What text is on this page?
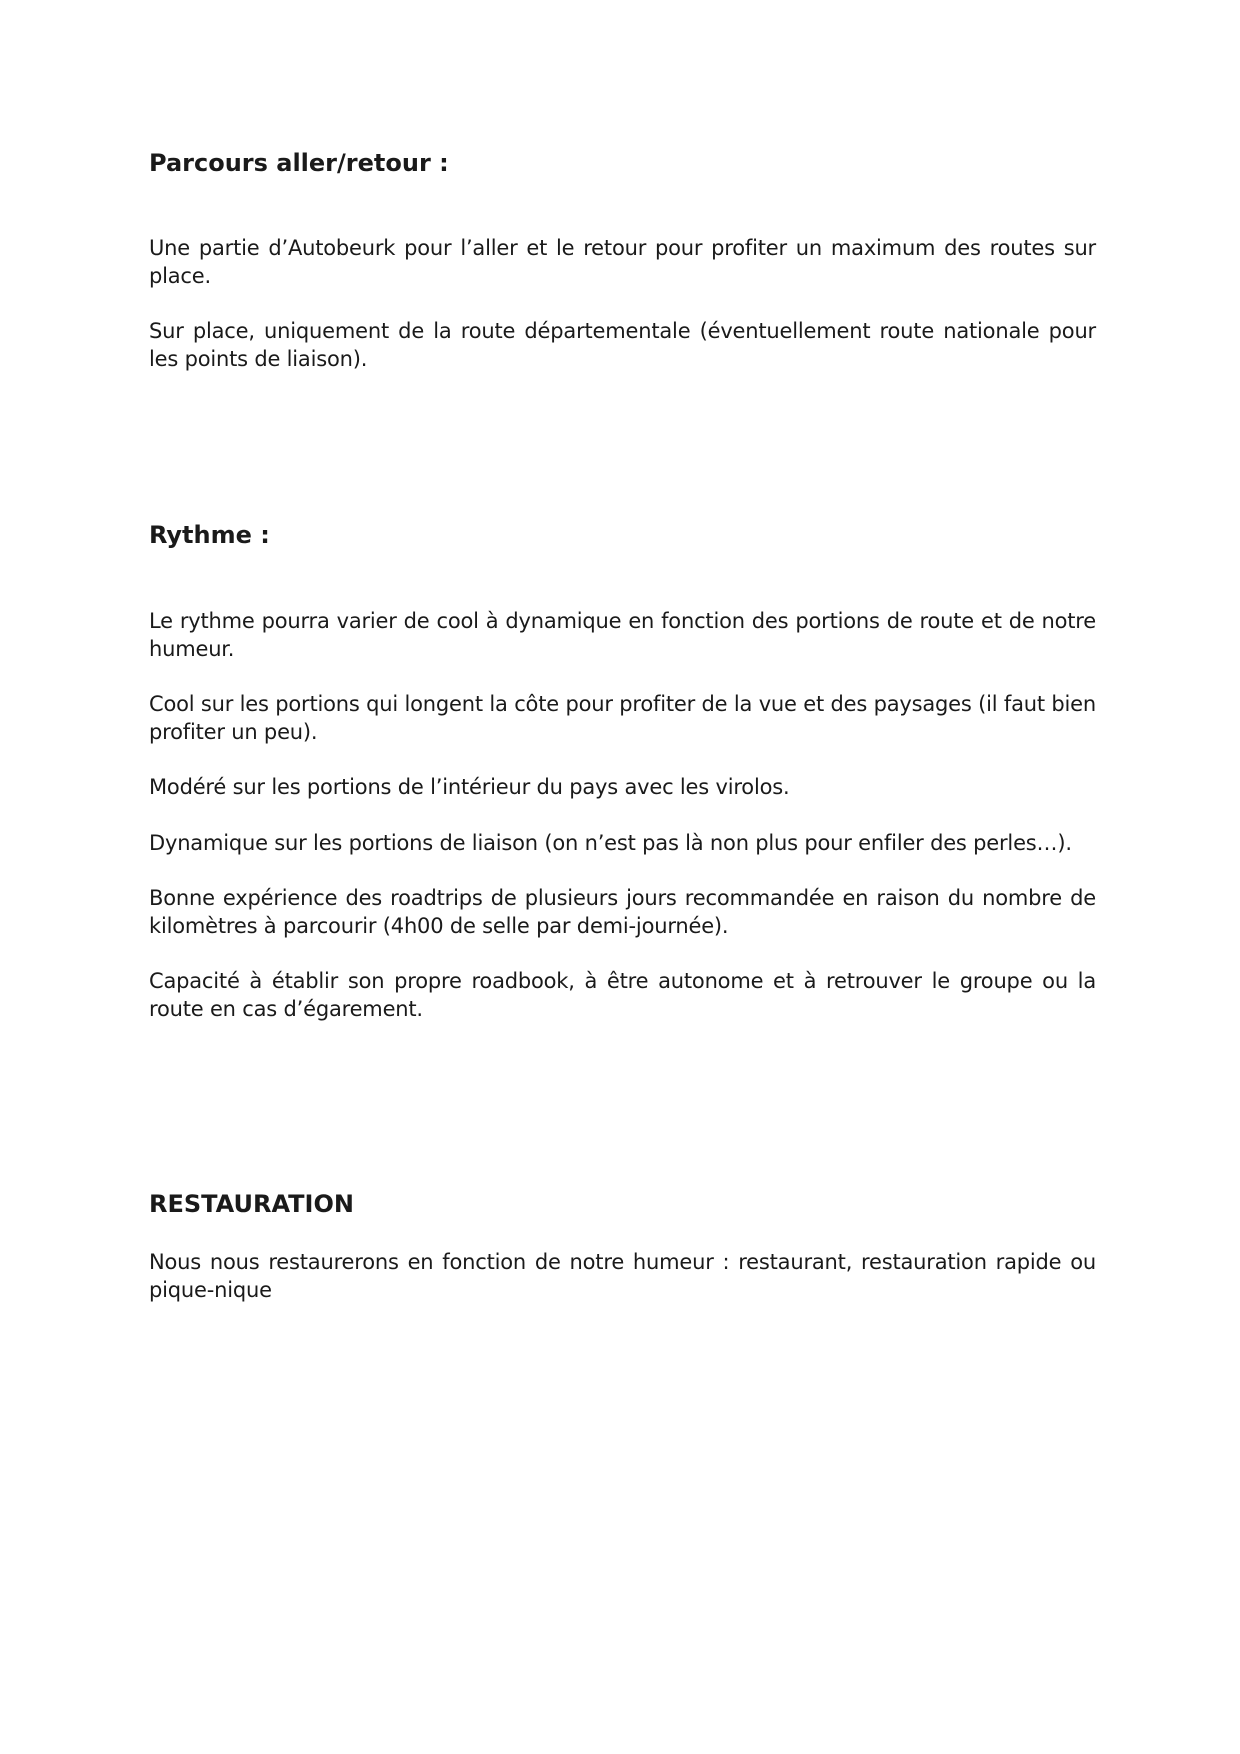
Parcours aller/retour :

Une partie d’Autobeurk pour l’aller et le retour pour profiter un maximum des routes sur place.

Sur place, uniquement de la route départementale (éventuellement route nationale pour les points de liaison).

Rythme :

Le rythme pourra varier de cool à dynamique en fonction des portions de route et de notre humeur.

Cool sur les portions qui longent la côte pour profiter de la vue et des paysages (il faut bien profiter un peu).

Modéré sur les portions de l’intérieur du pays avec les virolos.

Dynamique sur les portions de liaison (on n’est pas là non plus pour enfiler des perles…).

Bonne expérience des roadtrips de plusieurs jours recommandée en raison du nombre de kilomètres à parcourir (4h00 de selle par demi-journée).

Capacité à établir son propre roadbook, à être autonome et à retrouver le groupe ou la route en cas d’égarement.

RESTAURATION

Nous nous restaurerons en fonction de notre humeur : restaurant, restauration rapide ou pique-nique
